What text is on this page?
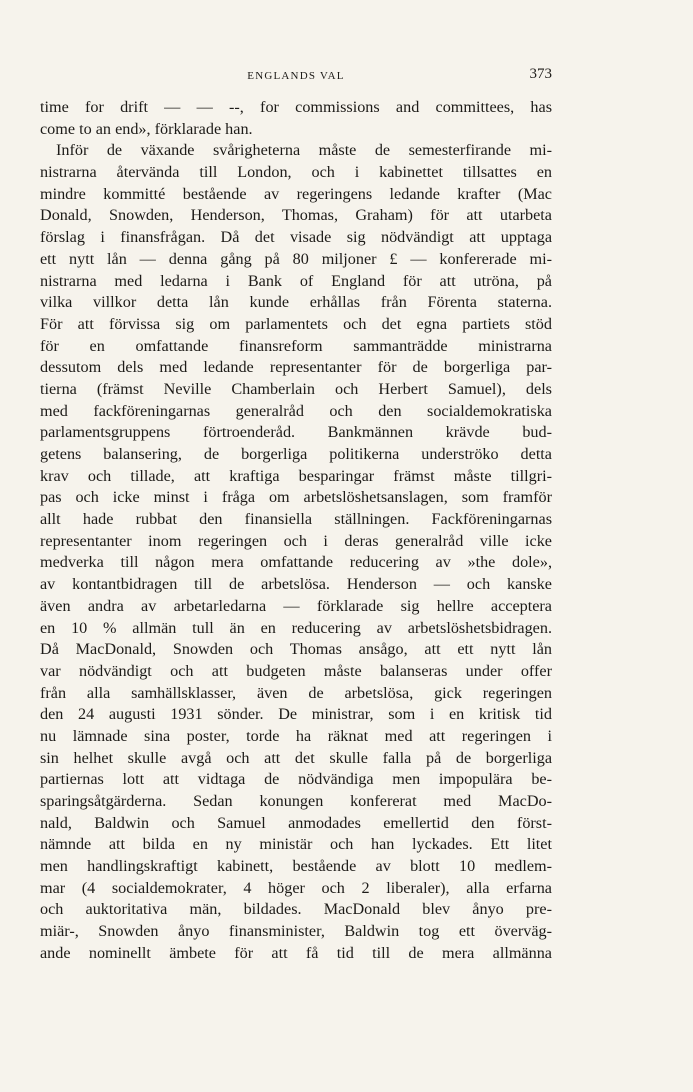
ENGLANDS VAL	373
time for drift — — --, for commissions and committees, has
come to an end», förklarade han.
Inför de växande svårigheterna måste de semesterfirande mi-
nistrarna återvända till London, och i kabinettet tillsattes en
mindre kommitté bestående av regeringens ledande krafter (Mac
Donald, Snowden, Henderson, Thomas, Graham) för att utarbeta
förslag i finansfrågan. Då det visade sig nödvändigt att upptaga
ett nytt lån — denna gång på 80 miljoner £ — konfererade mi-
nistrarna med ledarna i Bank of England för att utröna, på
vilka villkor detta lån kunde erhållas från Förenta staterna.
För att förvissa sig om parlamentets och det egna partiets stöd
för en omfattande finansreform sammanträdde ministrarna
dessutom dels med ledande representanter för de borgerliga par-
tierna (främst Neville Chamberlain och Herbert Samuel), dels
med fackföreningarnas generalråd och den socialdemokratiska
parlamentsgruppens förtroenderåd. Bankmännen krävde bud-
getens balansering, de borgerliga politikerna underströko detta
krav och tillade, att kraftiga besparingar främst måste tillgri-
pas och icke minst i fråga om arbetslöshetsanslagen, som framför
allt hade rubbat den finansiella ställningen. Fackföreningarnas
representanter inom regeringen och i deras generalråd ville icke
medverka till någon mera omfattande reducering av »the dole»,
av kontantbidragen till de arbetslösa. Henderson — och kanske
även andra av arbetarledarna — förklarade sig hellre acceptera
en 10 % allmän tull än en reducering av arbetslöshetsbidragen.
Då MacDonald, Snowden och Thomas ansågo, att ett nytt lån
var nödvändigt och att budgeten måste balanseras under offer
från alla samhällsklasser, även de arbetslösa, gick regeringen
den 24 augusti 1931 sönder. De ministrar, som i en kritisk tid
nu lämnade sina poster, torde ha räknat med att regeringen i
sin helhet skulle avgå och att det skulle falla på de borgerliga
partiernas lott att vidtaga de nödvändiga men impopulära be-
sparingsåtgärderna. Sedan konungen konfererat med MacDo-
nald, Baldwin och Samuel anmodades emellertid den först-
nämnde att bilda en ny ministär och han lyckades. Ett litet
men handlingskraftigt kabinett, bestående av blott 10 medlem-
mar (4 socialdemokrater, 4 höger och 2 liberaler), alla erfarna
och auktoritativa män, bildades. MacDonald blev ånyo pre-
miär-, Snowden ånyo finansminister, Baldwin tog ett överväg-
ande nominellt ämbete för att få tid till de mera allmänna
